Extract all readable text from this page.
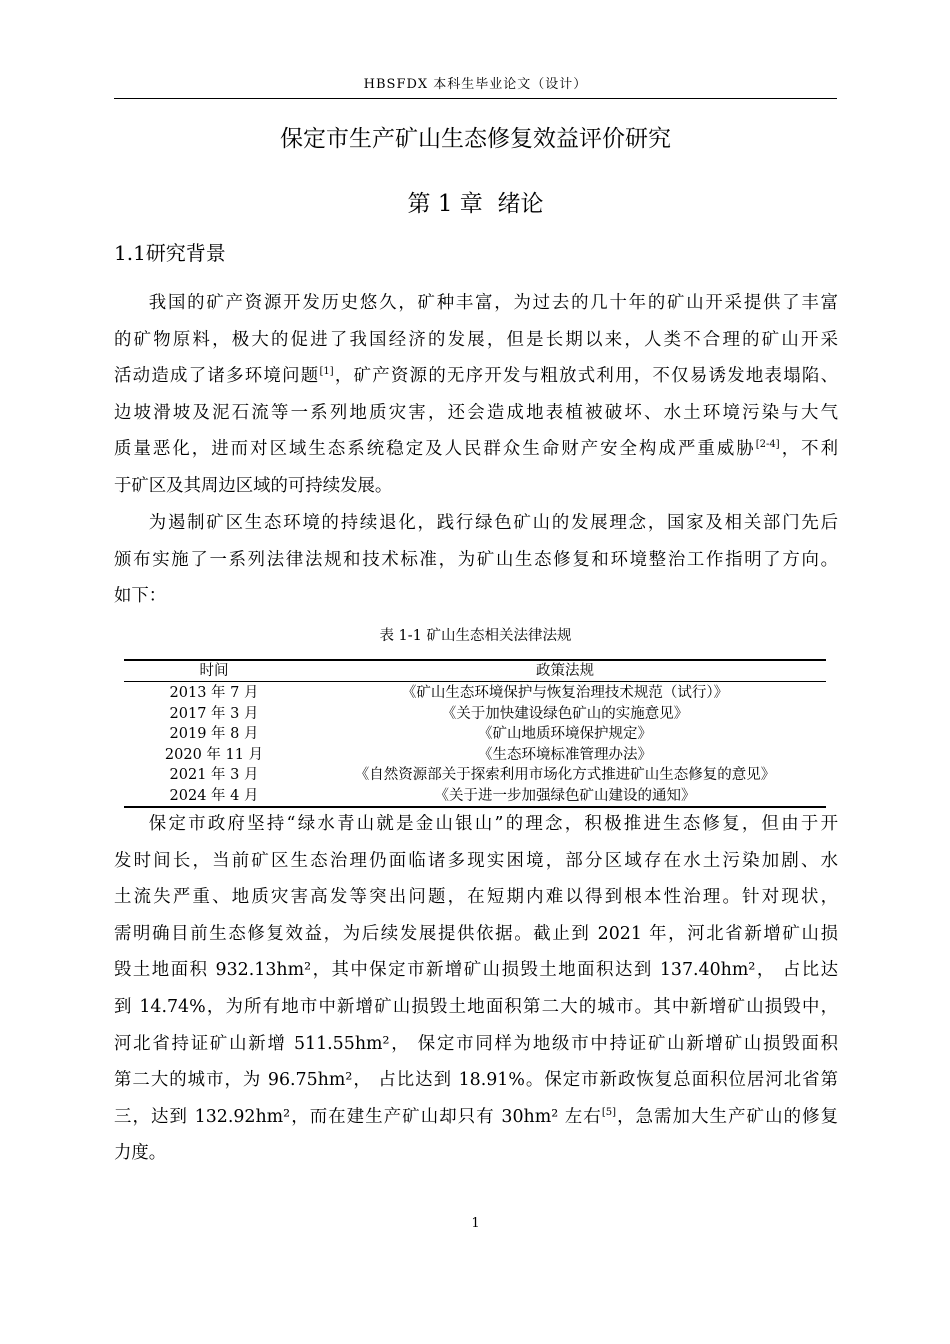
HBSFDX 本科生毕业论文（设计）
保定市生产矿山生态修复效益评价研究
第 1 章 绪论
1.1研究背景
我国的矿产资源开发历史悠久，矿种丰富，为过去的几十年的矿山开采提供了丰富
的矿物原料，极大的促进了我国经济的发展，但是长期以来，人类不合理的矿山开采
活动造成了诸多环境问题[1]，矿产资源的无序开发与粗放式利用，不仅易诱发地表塌陷、
边坡滑坡及泥石流等一系列地质灾害，还会造成地表植被破坏、水土环境污染与大气
质量恶化，进而对区域生态系统稳定及人民群众生命财产安全构成严重威胁[2-4]，不利
于矿区及其周边区域的可持续发展。
为遏制矿区生态环境的持续退化，践行绿色矿山的发展理念，国家及相关部门先后
颁布实施了一系列法律法规和技术标准，为矿山生态修复和环境整治工作指明了方向。
如下：
表 1-1 矿山生态相关法律法规
时间	政策法规
2013 年 7 月	《矿山生态环境保护与恢复治理技术规范（试行）》
2017 年 3 月	《关于加快建设绿色矿山的实施意见》
2019 年 8 月	《矿山地质环境保护规定》
2020 年 11 月	《生态环境标准管理办法》
2021 年 3 月	《自然资源部关于探索利用市场化方式推进矿山生态修复的意见》
2024 年 4 月	《关于进一步加强绿色矿山建设的通知》
保定市政府坚持“绿水青山就是金山银山”的理念，积极推进生态修复，但由于开
发时间长，当前矿区生态治理仍面临诸多现实困境，部分区域存在水土污染加剧、水
土流失严重、地质灾害高发等突出问题，在短期内难以得到根本性治理。针对现状，
需明确目前生态修复效益，为后续发展提供依据。截止到 2021 年，河北省新增矿山损
毁土地面积 932.13hm²，其中保定市新增矿山损毁土地面积达到 137.40hm²， 占比达
到 14.74%，为所有地市中新增矿山损毁土地面积第二大的城市。其中新增矿山损毁中，
河北省持证矿山新增 511.55hm²， 保定市同样为地级市中持证矿山新增矿山损毁面积
第二大的城市，为 96.75hm²， 占比达到 18.91%。保定市新政恢复总面积位居河北省第
三，达到 132.92hm²，而在建生产矿山却只有 30hm² 左右[5]，急需加大生产矿山的修复
力度。
1
